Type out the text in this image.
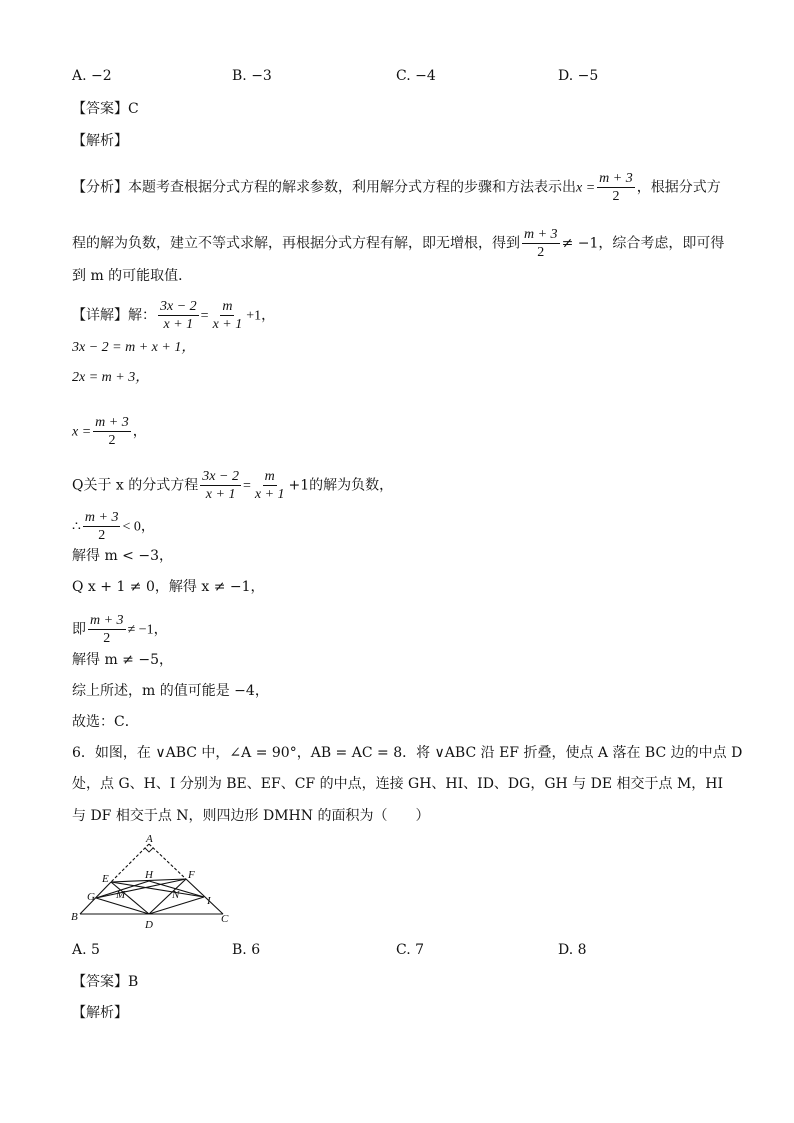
A. −2	B. −3	C. −4	D. −5
【答案】C
【解析】
【分析】本题考查根据分式方程的解求参数，利用解分式方程的步骤和方法表示出$x = \frac{m + 3}{2}$ ，根据分式方
程的解为负数，建立不等式求解，再根据分式方程有解，即无增根，得到 $\frac{m + 3}{2} \ne -1$，综合考虑，即可得
到 m 的可能取值．
【详解】解： $\frac{3x - 2}{x + 1} = \frac{m}{x + 1} +1$，
3x − 2 = m + x + 1，
2x = m + 3，
$x = \frac{m + 3}{2}$ ，
Q关于 x 的分式方程 $\frac{3x - 2}{x + 1} = \frac{m}{x + 1} +1$的解为负数，
∴ $\frac{m + 3}{2} < 0$，
解得 m < −3，
Q x + 1 ≠ 0，解得 x ≠ −1，
即 $\frac{m + 3}{2} \ne -1$，
解得 m ≠ −5，
综上所述，m 的值可能是 −4，
故选：C．
6．如图，在 ∨ABC 中，∠A = 90°，AB = AC = 8．将 ∨ABC 沿 EF 折叠，使点 A 落在 BC 边的中点 D
处，点 G、H、I 分别为 BE、EF、CF 的中点，连接 GH、HI、ID、DG，GH 与 DE 相交于点 M，HI
与 DF 相交于点 N，则四边形 DMHN 的面积为（　　）
A
E	H	F
G M	N	I
B
D	C
A. 5	B. 6	C. 7	D. 8
【答案】B
【解析】
